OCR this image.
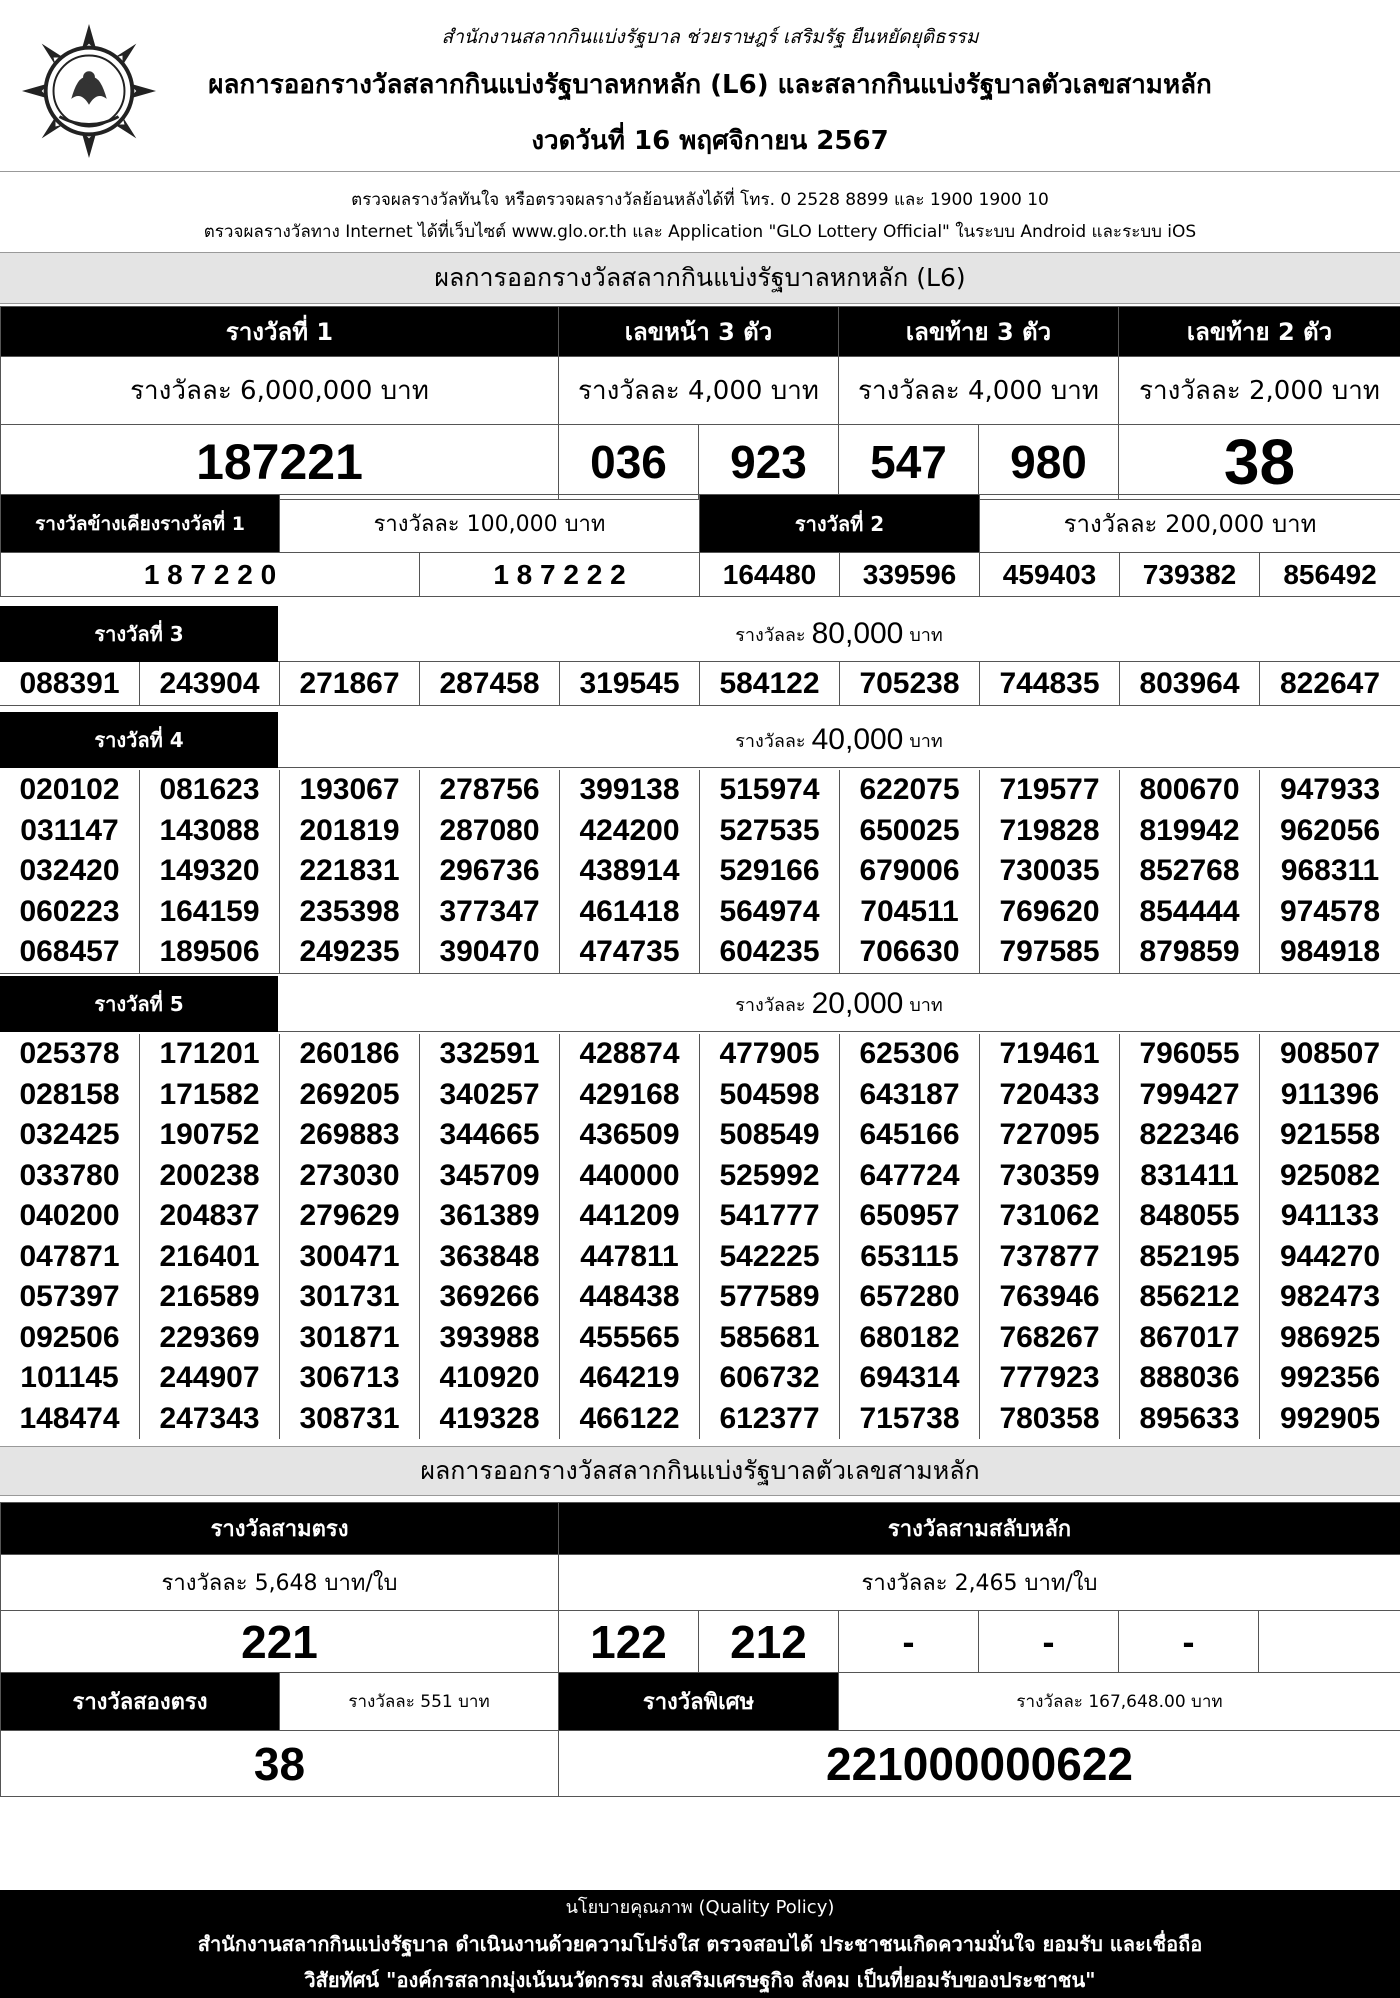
สำนักงานสลากกินแบ่งรัฐบาล ช่วยราษฎร์ เสริมรัฐ ยืนหยัดยุติธรรม
ผลการออกรางวัลสลากกินแบ่งรัฐบาลหกหลัก (L6) และสลากกินแบ่งรัฐบาลตัวเลขสามหลัก
งวดวันที่ 16 พฤศจิกายน 2567
ตรวจผลรางวัลทันใจ หรือตรวจผลรางวัลย้อนหลังได้ที่ โทร. 0 2528 8899 และ 1900 1900 10
ตรวจผลรางวัลทาง Internet ได้ที่เว็บไซต์ www.glo.or.th และ Application "GLO Lottery Official" ในระบบ Android และระบบ iOS
ผลการออกรางวัลสลากกินแบ่งรัฐบาลหกหลัก (L6)
รางวัลที่ 1	เลขหน้า 3 ตัว		เลขท้าย 3 ตัว		เลขท้าย 2 ตัว
รางวัลละ 6,000,000 บาท	รางวัลละ 4,000 บาท		รางวัลละ 4,000 บาท		รางวัลละ 2,000 บาท
187221	036	923	547	980	38
รางวัลข้างเคียงรางวัลที่ 1	รางวัลละ 100,000 บาท		รางวัลที่ 2		รางวัลละ 200,000 บาท		
1 8 7 2 2 0		1 8 7 2 2 2	164480	339596	459403	739382	856492
รางวัลที่ 3	รางวัลละ 80,000 บาท
088391	243904	271867	287458	319545	584122	705238	744835	803964	822647
รางวัลที่ 4	รางวัลละ 40,000 บาท
020102	081623	193067	278756	399138	515974	622075	719577	800670	947933
031147	143088	201819	287080	424200	527535	650025	719828	819942	962056
032420	149320	221831	296736	438914	529166	679006	730035	852768	968311
060223	164159	235398	377347	461418	564974	704511	769620	854444	974578
068457	189506	249235	390470	474735	604235	706630	797585	879859	984918
รางวัลที่ 5	รางวัลละ 20,000 บาท
025378	171201	260186	332591	428874	477905	625306	719461	796055	908507
028158	171582	269205	340257	429168	504598	643187	720433	799427	911396
032425	190752	269883	344665	436509	508549	645166	727095	822346	921558
033780	200238	273030	345709	440000	525992	647724	730359	831411	925082
040200	204837	279629	361389	441209	541777	650957	731062	848055	941133
047871	216401	300471	363848	447811	542225	653115	737877	852195	944270
057397	216589	301731	369266	448438	577589	657280	763946	856212	982473
092506	229369	301871	393988	455565	585681	680182	768267	867017	986925
101145	244907	306713	410920	464219	606732	694314	777923	888036	992356
148474	247343	308731	419328	466122	612377	715738	780358	895633	992905
ผลการออกรางวัลสลากกินแบ่งรัฐบาลตัวเลขสามหลัก
รางวัลสามตรง		รางวัลสามสลับหลัก					
รางวัลละ 5,648 บาท/ใบ		รางวัลละ 2,465 บาท/ใบ					
221		122	212	-	-	-	
รางวัลสองตรง	รางวัลละ 551 บาท	รางวัลพิเศษ		รางวัลละ 167,648.00 บาท			
38		221000000622					
นโยบายคุณภาพ (Quality Policy)
สำนักงานสลากกินแบ่งรัฐบาล ดำเนินงานด้วยความโปร่งใส ตรวจสอบได้ ประชาชนเกิดความมั่นใจ ยอมรับ และเชื่อถือ
วิสัยทัศน์ "องค์กรสลากมุ่งเน้นนวัตกรรม ส่งเสริมเศรษฐกิจ สังคม เป็นที่ยอมรับของประชาชน"
